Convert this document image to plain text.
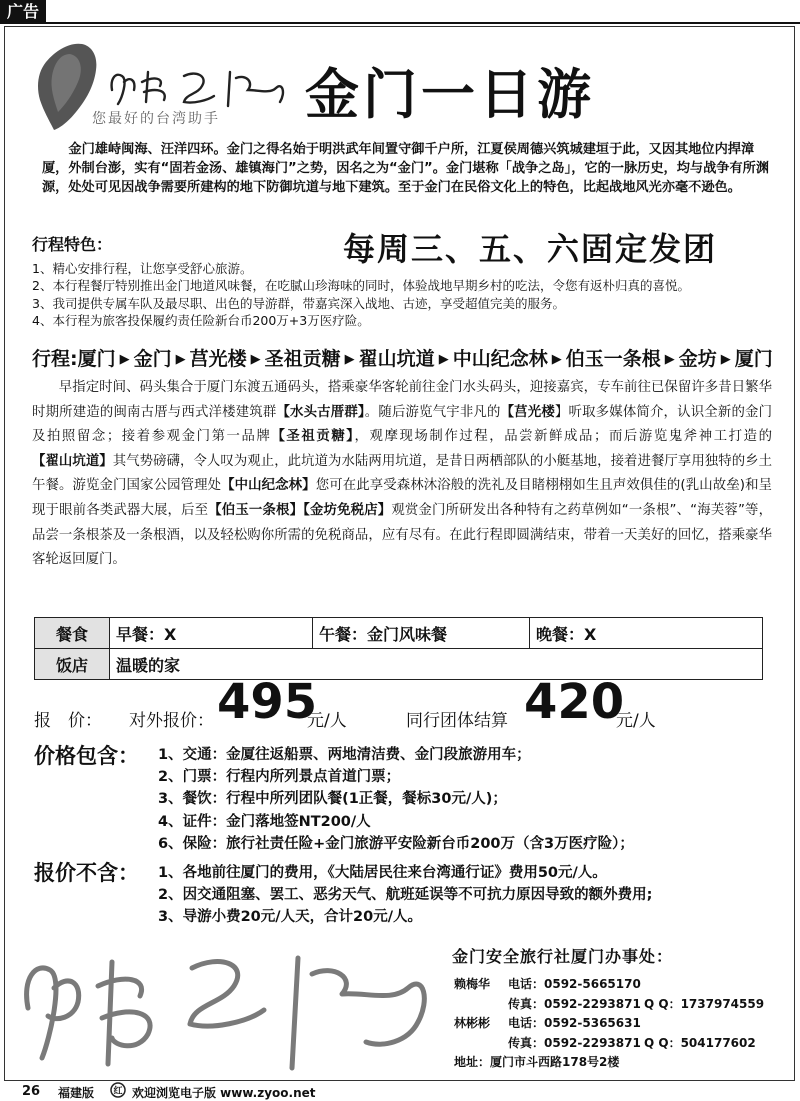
广告
您最好的台湾助手 金门一日游

金门雄峙闽海、汪洋四环。金门之得名始于明洪武年间置守御千户所，江夏侯周德兴筑城建垣于此，又因其地位内捍漳厦，外制台澎，实有“固若金汤、雄镇海门”之势，因名之为“金门”。金门堪称「战争之岛」，它的一脉历史，均与战争有所渊源，处处可见因战争需要所建构的地下防御坑道与地下建筑。至于金门在民俗文化上的特色，比起战地风光亦毫不逊色。

行程特色：	每周三、五、六固定发团
1、精心安排行程，让您享受舒心旅游。
2、本行程餐厅特别推出金门地道风味餐，在吃腻山珍海味的同时，体验战地早期乡村的吃法，令您有返朴归真的喜悦。
3、我司提供专属车队及最尽职、出色的导游群，带嘉宾深入战地、古迹，享受超值完美的服务。
4、本行程为旅客投保履约责任险新台币200万+3万医疗险。
行程:厦门 ▶ 金门 ▶ 莒光楼 ▶ 圣祖贡糖 ▶ 翟山坑道 ▶ 中山纪念林 ▶ 伯玉一条根 ▶ 金坊 ▶ 厦门

早指定时间、码头集合于厦门东渡五通码头，搭乘豪华客轮前往金门水头码头，迎接嘉宾，专车前往已保留许多昔日繁华时期所建造的闽南古厝与西式洋楼建筑群【水头古厝群】。随后游览气宇非凡的【莒光楼】听取多媒体简介，认识全新的金门及拍照留念；接着参观金门第一品牌【圣祖贡糖】，观摩现场制作过程，品尝新鲜成品；而后游览鬼斧神工打造的【翟山坑道】其气势磅礴，令人叹为观止，此坑道为水陆两用坑道，是昔日两栖部队的小艇基地，接着进餐厅享用独特的乡土午餐。游览金门国家公园管理处【中山纪念林】您可在此享受森林沐浴般的洗礼及目睹栩栩如生且声效俱佳的(乳山故垒)和呈现于眼前各类武器大展，后至【伯玉一条根】【金坊免税店】观赏金门所研发出各种特有之药草例如“一条根”、“海芙蓉”等，品尝一条根茶及一条根酒，以及轻松购你所需的免税商品，应有尽有。在此行程即圆满结束，带着一天美好的回忆，搭乘豪华客轮返回厦门。

餐食	早餐：X	午餐：金门风味餐	晚餐：X
饭店	温暖的家		
报　价： 对外报价： 495
元/人	同行团体结算 420
元/人
价格包含： 1、交通：金厦往返船票、两地清洁费、金门段旅游用车；
2、门票：行程内所列景点首道门票；
3、餐饮：行程中所列团队餐(1正餐，餐标30元/人)；
4、证件：金门落地签NT200/人
6、保险：旅行社责任险+金门旅游平安险新台币200万（含3万医疗险）；
报价不含： 1、各地前往厦门的费用，《大陆居民往来台湾通行证》费用50元/人。
2、因交通阻塞、罢工、恶劣天气、航班延误等不可抗力原因导致的额外费用;
3、导游小费20元/人天，合计20元/人。
金门安全旅行社厦门办事处：
赖梅华 电话：0592-5665170
传真：0592-2293871 Q Q：1737974559
林彬彬 电话：0592-5365631
传真：0592-2293871 Q Q：504177602
地址：厦门市斗西路178号2楼
26 福建版 红 欢迎浏览电子版 www.zyoo.net
